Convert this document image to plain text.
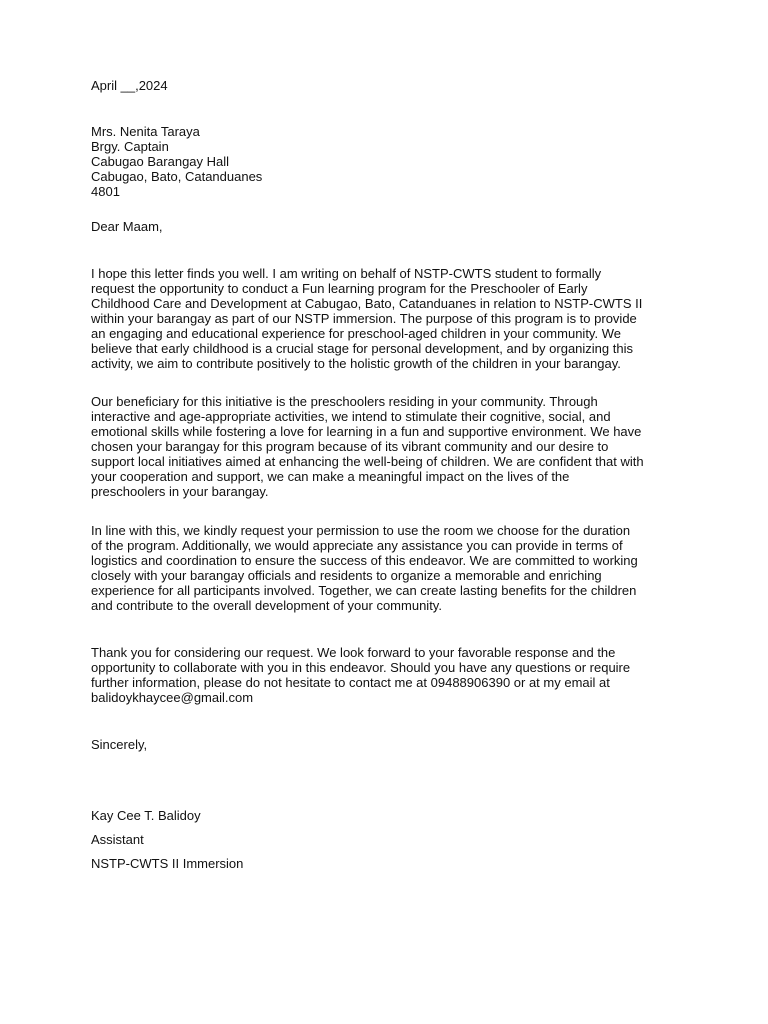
April __,2024

Mrs. Nenita Taraya
Brgy. Captain
Cabugao Barangay Hall
Cabugao, Bato, Catanduanes
4801

Dear Maam,

I hope this letter finds you well. I am writing on behalf of NSTP-CWTS student to formally
request the opportunity to conduct a Fun learning program for the Preschooler of Early
Childhood Care and Development at Cabugao, Bato, Catanduanes in relation to NSTP-CWTS II
within your barangay as part of our NSTP immersion. The purpose of this program is to provide
an engaging and educational experience for preschool-aged children in your community. We
believe that early childhood is a crucial stage for personal development, and by organizing this
activity, we aim to contribute positively to the holistic growth of the children in your barangay.
Our beneficiary for this initiative is the preschoolers residing in your community. Through
interactive and age-appropriate activities, we intend to stimulate their cognitive, social, and
emotional skills while fostering a love for learning in a fun and supportive environment. We have
chosen your barangay for this program because of its vibrant community and our desire to
support local initiatives aimed at enhancing the well-being of children. We are confident that with
your cooperation and support, we can make a meaningful impact on the lives of the
preschoolers in your barangay.
In line with this, we kindly request your permission to use the room we choose for the duration
of the program. Additionally, we would appreciate any assistance you can provide in terms of
logistics and coordination to ensure the success of this endeavor. We are committed to working
closely with your barangay officials and residents to organize a memorable and enriching
experience for all participants involved. Together, we can create lasting benefits for the children
and contribute to the overall development of your community.
Thank you for considering our request. We look forward to your favorable response and the
opportunity to collaborate with you in this endeavor. Should you have any questions or require
further information, please do not hesitate to contact me at 09488906390 or at my email at
balidoykhaycee@gmail.com

Sincerely,

Kay Cee T. Balidoy

Assistant

NSTP-CWTS II Immersion
